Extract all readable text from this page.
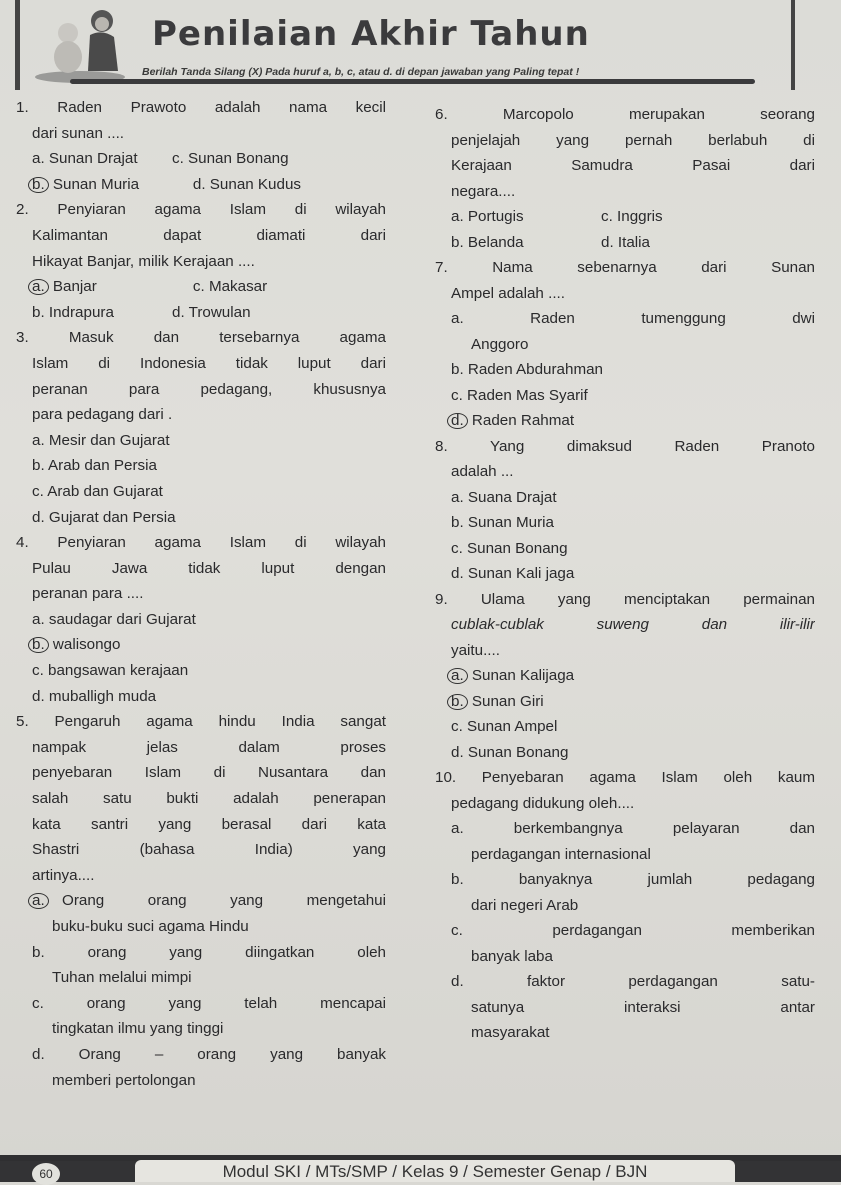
Penilaian Akhir Tahun
Berilah Tanda Silang (X) Pada huruf a, b, c, atau d. di depan jawaban yang Paling tepat !
1. Raden Prawoto adalah nama kecil
dari sunan ....
a. Sunan Drajat	c. Sunan Bonang
b. Sunan Muria	d. Sunan Kudus
2. Penyiaran agama Islam di wilayah
Kalimantan dapat diamati dari
Hikayat Banjar, milik Kerajaan ....
a. Banjar	c. Makasar
b. Indrapura	d. Trowulan
3. Masuk dan tersebarnya agama
Islam di Indonesia tidak luput dari
peranan para pedagang, khususnya
para pedagang dari .
a. Mesir dan Gujarat
b. Arab dan Persia
c. Arab dan Gujarat
d. Gujarat dan Persia
4. Penyiaran agama Islam di wilayah
Pulau Jawa tidak luput dengan
peranan para ....
a. saudagar dari Gujarat
b. walisongo
c. bangsawan kerajaan
d. muballigh muda
5. Pengaruh agama hindu India sangat
nampak jelas dalam proses
penyebaran Islam di Nusantara dan
salah satu bukti adalah penerapan
kata santri yang berasal dari kata
Shastri (bahasa India) yang
artinya....
a. Orang orang yang mengetahui
buku-buku suci agama Hindu
b. orang yang diingatkan oleh
Tuhan melalui mimpi
c. orang yang telah mencapai
tingkatan ilmu yang tinggi
d. Orang – orang yang banyak
memberi pertolongan
6. Marcopolo merupakan seorang
penjelajah yang pernah berlabuh di
Kerajaan Samudra Pasai dari
negara....
a. Portugis	c. Inggris
b. Belanda	d. Italia
7. Nama sebenarnya dari Sunan
Ampel adalah ....
a. Raden tumenggung dwi
Anggoro
b. Raden Abdurahman
c. Raden Mas Syarif
d. Raden Rahmat
8. Yang dimaksud Raden Pranoto
adalah ...
a. Suana Drajat
b. Sunan Muria
c. Sunan Bonang
d. Sunan Kali jaga
9. Ulama yang menciptakan permainan
cublak-cublak suweng dan ilir-ilir
yaitu....
a. Sunan Kalijaga
b. Sunan Giri
c. Sunan Ampel
d. Sunan Bonang
10. Penyebaran agama Islam oleh kaum
pedagang didukung oleh....
a. berkembangnya pelayaran dan
perdagangan internasional
b. banyaknya jumlah pedagang
dari negeri Arab
c. perdagangan memberikan
banyak laba
d. faktor perdagangan satu-
satunya interaksi antar
masyarakat
60	Modul SKI / MTs/SMP / Kelas 9 / Semester Genap / BJN
